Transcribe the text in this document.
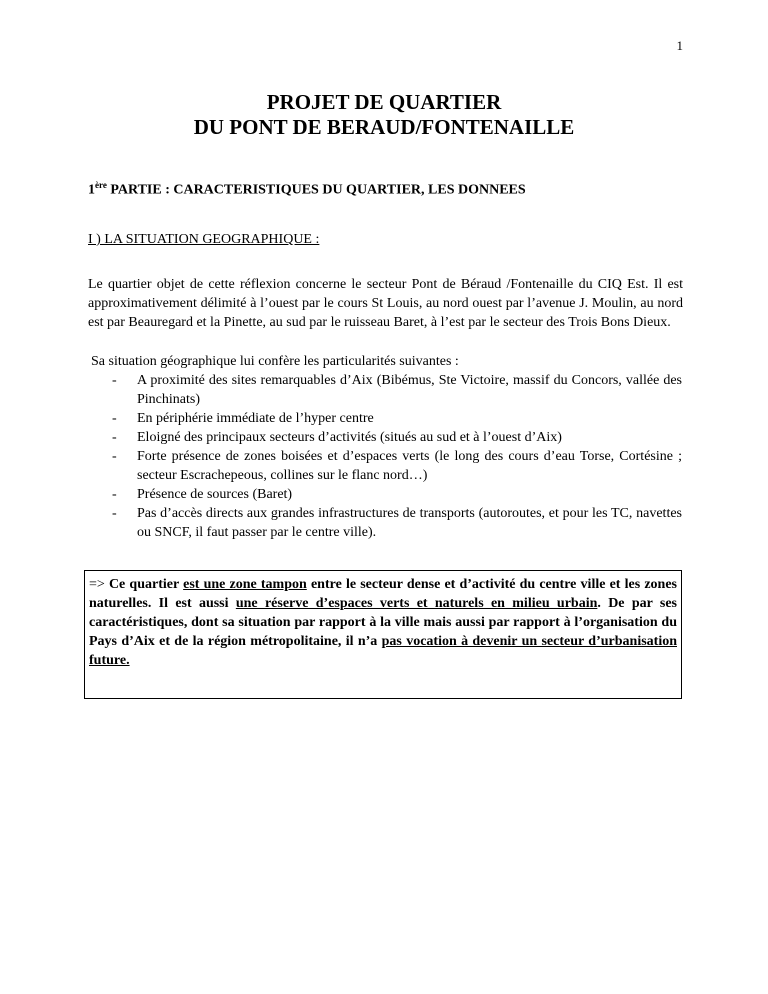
1
PROJET DE QUARTIER
DU PONT DE BERAUD/FONTENAILLE
1ère PARTIE : CARACTERISTIQUES DU QUARTIER, LES DONNEES
I ) LA SITUATION GEOGRAPHIQUE :

Le quartier objet de cette réflexion concerne le secteur Pont de Béraud /Fontenaille du CIQ Est. Il est approximativement délimité à l’ouest par le cours St Louis, au nord ouest par l’avenue J. Moulin, au nord est par Beauregard et la Pinette, au sud par le ruisseau Baret, à l’est par le secteur des Trois Bons Dieux.

Sa situation géographique lui confère les particularités suivantes :

- A proximité des sites remarquables d’Aix (Bibémus, Ste Victoire, massif du Concors, vallée des Pinchinats)
- En périphérie immédiate de l’hyper centre
- Eloigné des principaux secteurs d’activités (situés au sud et à l’ouest d’Aix)
- Forte présence de zones boisées et d’espaces verts (le long des cours d’eau Torse, Cortésine ; secteur Escrachepeous, collines sur le flanc nord…)
- Présence de sources (Baret)
- Pas d’accès directs aux grandes infrastructures de transports (autoroutes, et pour les TC, navettes ou SNCF, il faut passer par le centre ville).
=> Ce quartier est une zone tampon entre le secteur dense et d’activité du centre ville et les zones naturelles. Il est aussi une réserve d’espaces verts et naturels en milieu urbain. De par ses caractéristiques, dont sa situation par rapport à la ville mais aussi par rapport à l’organisation du Pays d’Aix et de la région métropolitaine, il n’a pas vocation à devenir un secteur d’urbanisation future.
